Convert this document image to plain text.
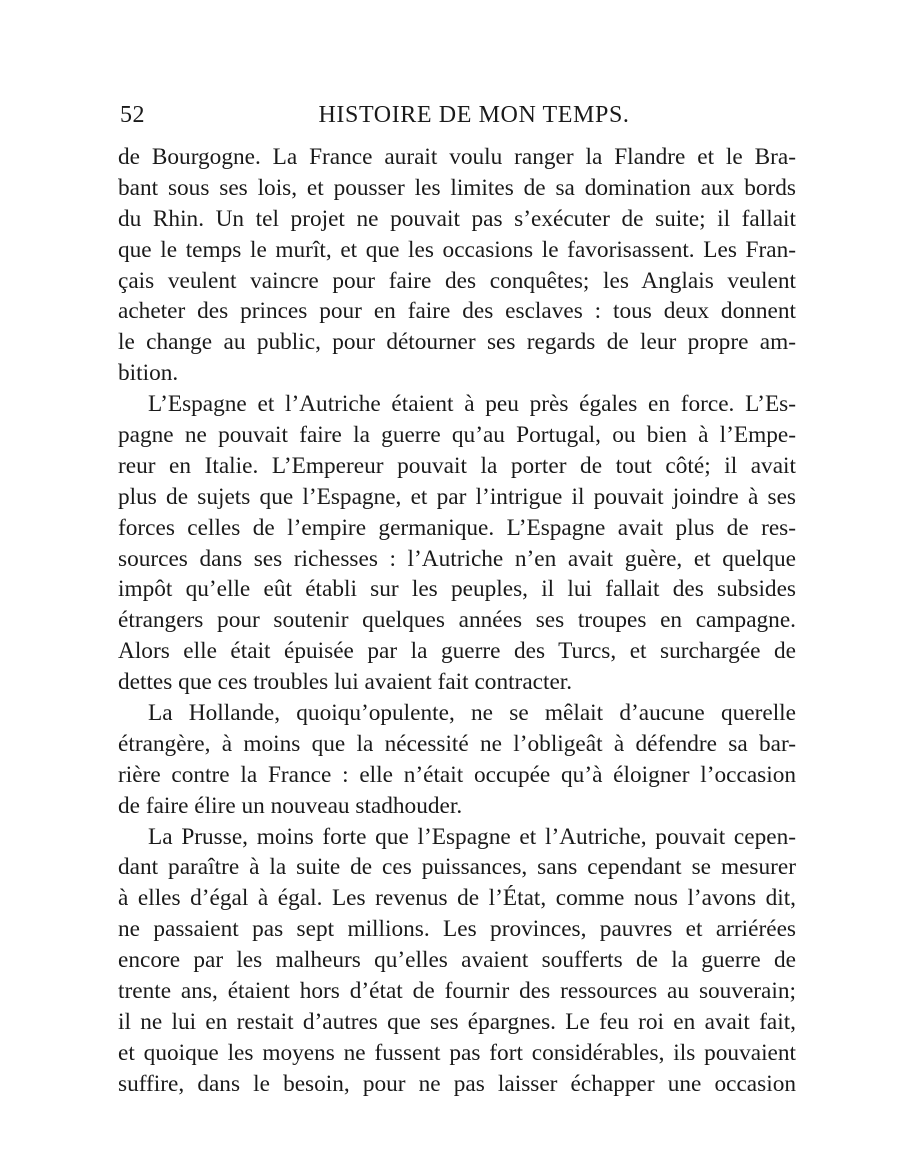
52	HISTOIRE DE MON TEMPS.
de Bourgogne. La France aurait voulu ranger la Flandre et le Bra-
bant sous ses lois, et pousser les limites de sa domination aux bords
du Rhin. Un tel projet ne pouvait pas s’exécuter de suite; il fallait
que le temps le murît, et que les occasions le favorisassent. Les Fran-
çais veulent vaincre pour faire des conquêtes; les Anglais veulent
acheter des princes pour en faire des esclaves : tous deux donnent
le change au public, pour détourner ses regards de leur propre am-
bition.
L’Espagne et l’Autriche étaient à peu près égales en force. L’Es-
pagne ne pouvait faire la guerre qu’au Portugal, ou bien à l’Empe-
reur en Italie. L’Empereur pouvait la porter de tout côté; il avait
plus de sujets que l’Espagne, et par l’intrigue il pouvait joindre à ses
forces celles de l’empire germanique. L’Espagne avait plus de res-
sources dans ses richesses : l’Autriche n’en avait guère, et quelque
impôt qu’elle eût établi sur les peuples, il lui fallait des subsides
étrangers pour soutenir quelques années ses troupes en campagne.
Alors elle était épuisée par la guerre des Turcs, et surchargée de
dettes que ces troubles lui avaient fait contracter.
La Hollande, quoiqu’opulente, ne se mêlait d’aucune querelle
étrangère, à moins que la nécessité ne l’obligeât à défendre sa bar-
rière contre la France : elle n’était occupée qu’à éloigner l’occasion
de faire élire un nouveau stadhouder.
La Prusse, moins forte que l’Espagne et l’Autriche, pouvait cepen-
dant paraître à la suite de ces puissances, sans cependant se mesurer
à elles d’égal à égal. Les revenus de l’État, comme nous l’avons dit,
ne passaient pas sept millions. Les provinces, pauvres et arriérées
encore par les malheurs qu’elles avaient soufferts de la guerre de
trente ans, étaient hors d’état de fournir des ressources au souverain;
il ne lui en restait d’autres que ses épargnes. Le feu roi en avait fait,
et quoique les moyens ne fussent pas fort considérables, ils pouvaient
suffire, dans le besoin, pour ne pas laisser échapper une occasion
